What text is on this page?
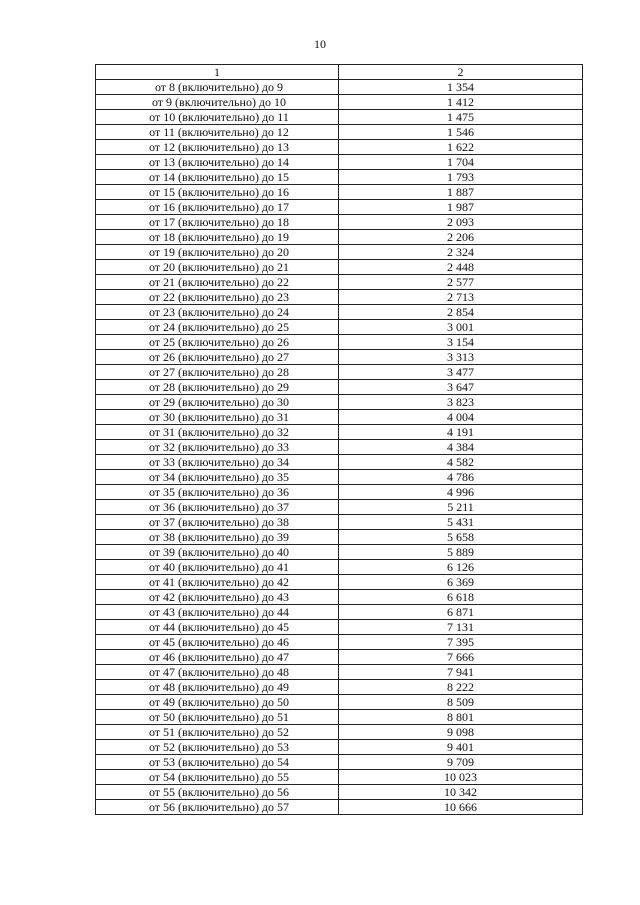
10
1	2
от 8 (включительно) до 9	1 354
от 9 (включительно) до 10	1 412
от 10 (включительно) до 11	1 475
от 11 (включительно) до 12	1 546
от 12 (включительно) до 13	1 622
от 13 (включительно) до 14	1 704
от 14 (включительно) до 15	1 793
от 15 (включительно) до 16	1 887
от 16 (включительно) до 17	1 987
от 17 (включительно) до 18	2 093
от 18 (включительно) до 19	2 206
от 19 (включительно) до 20	2 324
от 20 (включительно) до 21	2 448
от 21 (включительно) до 22	2 577
от 22 (включительно) до 23	2 713
от 23 (включительно) до 24	2 854
от 24 (включительно) до 25	3 001
от 25 (включительно) до 26	3 154
от 26 (включительно) до 27	3 313
от 27 (включительно) до 28	3 477
от 28 (включительно) до 29	3 647
от 29 (включительно) до 30	3 823
от 30 (включительно) до 31	4 004
от 31 (включительно) до 32	4 191
от 32 (включительно) до 33	4 384
от 33 (включительно) до 34	4 582
от 34 (включительно) до 35	4 786
от 35 (включительно) до 36	4 996
от 36 (включительно) до 37	5 211
от 37 (включительно) до 38	5 431
от 38 (включительно) до 39	5 658
от 39 (включительно) до 40	5 889
от 40 (включительно) до 41	6 126
от 41 (включительно) до 42	6 369
от 42 (включительно) до 43	6 618
от 43 (включительно) до 44	6 871
от 44 (включительно) до 45	7 131
от 45 (включительно) до 46	7 395
от 46 (включительно) до 47	7 666
от 47 (включительно) до 48	7 941
от 48 (включительно) до 49	8 222
от 49 (включительно) до 50	8 509
от 50 (включительно) до 51	8 801
от 51 (включительно) до 52	9 098
от 52 (включительно) до 53	9 401
от 53 (включительно) до 54	9 709
от 54 (включительно) до 55	10 023
от 55 (включительно) до 56	10 342
от 56 (включительно) до 57	10 666
